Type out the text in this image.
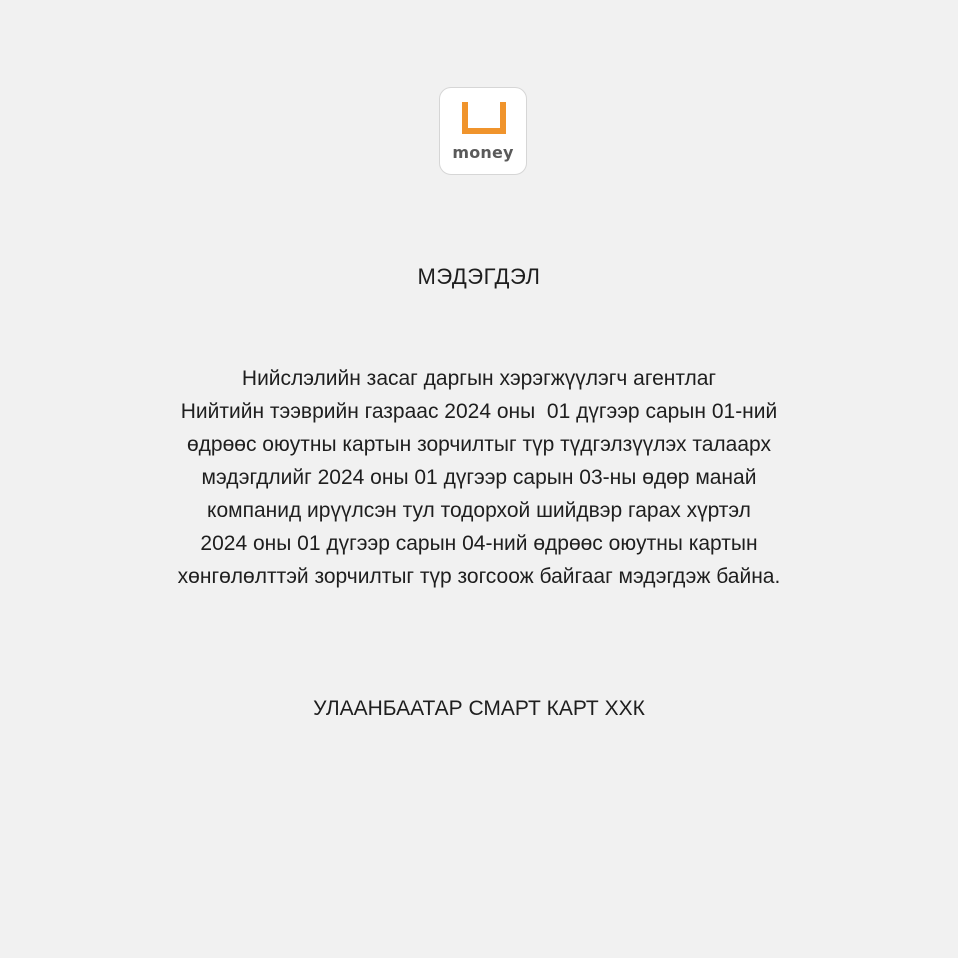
money
МЭДЭГДЭЛ
Нийслэлийн засаг даргын хэрэгжүүлэгч агентлаг
Нийтийн тээврийн газраас 2024 оны  01 дүгээр сарын 01-ний
өдрөөс оюутны картын зорчилтыг түр түдгэлзүүлэх талаарх
мэдэгдлийг 2024 оны 01 дүгээр сарын 03-ны өдөр манай
компанид ирүүлсэн тул тодорхой шийдвэр гарах хүртэл
2024 оны 01 дүгээр сарын 04-ний өдрөөс оюутны картын
хөнгөлөлттэй зорчилтыг түр зогсоож байгааг мэдэгдэж байна.
УЛААНБААТАР СМАРТ КАРТ ХХК
